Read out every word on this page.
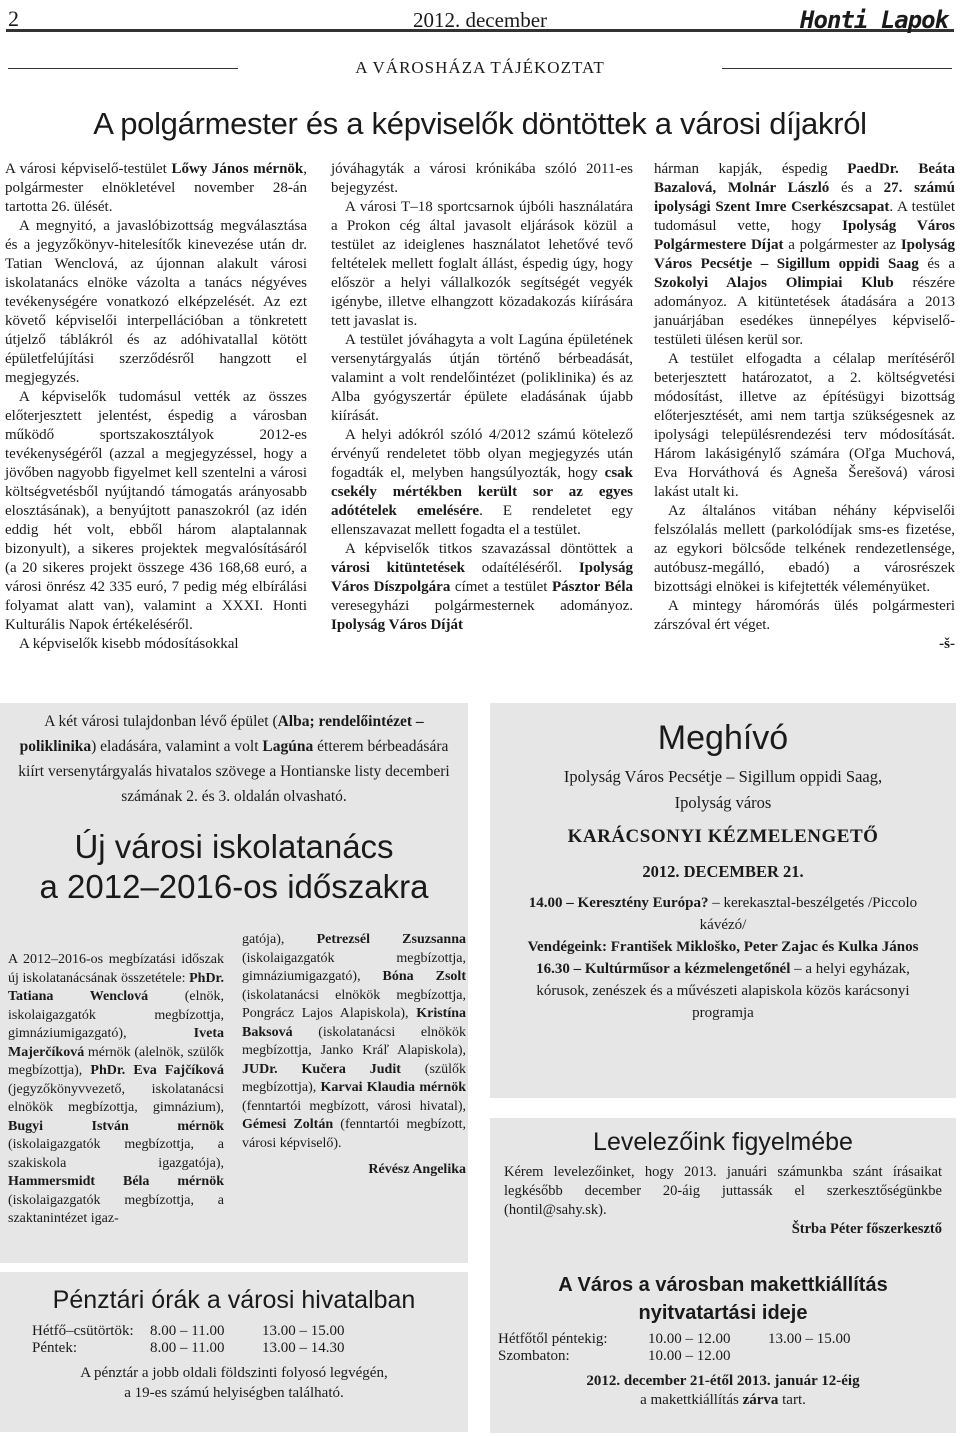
2	2012. december	Honti Lapok
A VÁROSHÁZA TÁJÉKOZTAT
A polgármester és a képviselők döntöttek a városi díjakról

A városi képviselő-testület Lőwy János mérnök, polgármester elnökletével november 28-án tartotta 26. ülését.

A megnyitó, a javaslóbizottság megválasztása és a jegyzőkönyv-hitelesítők kinevezése után dr. Tatian Wenclová, az újonnan alakult városi iskolatanács elnöke vázolta a tanács négyéves tevékenységére vonatkozó elképzelését. Az ezt követő képviselői interpellációban a tönkretett útjelző táblákról és az adóhivatallal kötött épületfelújítási szerződésről hangzott el megjegyzés.

A képviselők tudomásul vették az összes előterjesztett jelentést, éspedig a városban működő sportszakosztályok 2012-es tevékenységéről (azzal a megjegyzéssel, hogy a jövőben nagyobb figyelmet kell szentelni a városi költségvetésből nyújtandó támogatás arányosabb elosztásának), a benyújtott panaszokról (az idén eddig hét volt, ebből három alaptalannak bizonyult), a sikeres projektek megvalósításáról (a 20 sikeres projekt összege 436 168,68 euró, a városi önrész 42 335 euró, 7 pedig még elbírálási folyamat alatt van), valamint a XXXI. Honti Kulturális Napok értékeléséről.

A képviselők kisebb módosításokkal

jóváhagyták a városi krónikába szóló 2011-es bejegyzést.

A városi T–18 sportcsarnok újbóli használatára a Prokon cég által javasolt eljárások közül a testület az ideiglenes használatot lehetővé tevő feltételek mellett foglalt állást, éspedig úgy, hogy először a helyi vállalkozók segítségét vegyék igénybe, illetve elhangzott közadakozás kiírására tett javaslat is.

A testület jóváhagyta a volt Lagúna épületének versenytárgyalás útján történő bérbeadását, valamint a volt rendelőintézet (poliklinika) és az Alba gyógyszertár épülete eladásának újabb kiírását.

A helyi adókról szóló 4/2012 számú kötelező érvényű rendeletet több olyan megjegyzés után fogadták el, melyben hangsúlyozták, hogy csak csekély mértékben került sor az egyes adótételek emelésére. E rendeletet egy ellenszavazat mellett fogadta el a testület.

A képviselők titkos szavazással döntöttek a városi kitüntetések odaítéléséről. Ipolyság Város Díszpolgára címet a testület Pásztor Béla veresegyházi polgármesternek adományoz. Ipolyság Város Díját

hárman kapják, éspedig PaedDr. Beáta Bazalová, Molnár László és a 27. számú ipolysági Szent Imre Cserkészcsapat. A testület tudomásul vette, hogy Ipolyság Város Polgármestere Díjat a polgármester az Ipolyság Város Pecsétje – Sigillum oppidi Saag és a Szokolyi Alajos Olimpiai Klub részére adományoz. A kitüntetések átadására a 2013 januárjában esedékes ünnepélyes képviselő-testületi ülésen kerül sor.

A testület elfogadta a célalap merítéséről beterjesztett határozatot, a 2. költségvetési módosítást, illetve az építésügyi bizottság előterjesztését, ami nem tartja szükségesnek az ipolysági településrendezési terv módosítását. Három lakásigénylő számára (Oľga Muchová, Eva Horváthová és Agneša Šerešová) városi lakást utalt ki.

Az általános vitában néhány képviselői felszólalás mellett (parkolódíjak sms-es fizetése, az egykori bölcsőde telkének rendezetlensége, autóbusz-megálló, ebadó) a városrészek bizottsági elnökei is kifejtették véleményüket.

A mintegy háromórás ülés polgármesteri zárszóval ért véget.

-š-

A két városi tulajdonban lévő épület (Alba; rendelőintézet – poliklinika) eladására, valamint a volt Lagúna étterem bérbeadására kiírt versenytárgyalás hivatalos szövege a Hontianske listy decemberi számának 2. és 3. oldalán olvasható.
Új városi iskolatanács
a 2012–2016-os időszakra
A 2012–2016-os megbízatási időszak új iskolatanácsának összetétele: PhDr. Tatiana Wenclová (elnök, iskolaigazgatók megbízottja, gimnáziumigazgató), Iveta Majerčíková mérnök (alelnök, szülők megbízottja), PhDr. Eva Fajčíková (jegyzőkönyvvezető, iskolatanácsi elnökök megbízottja, gimnázium), Bugyi István mérnök (iskolaigazgatók megbízottja, a szakiskola igazgatója), Hammersmidt Béla mérnök (iskolaigazgatók megbízottja, a szaktanintézet igaz-
gatója), Petrezsél Zsuzsanna (iskolaigazgatók megbízottja, gimnáziumigazgató), Bóna Zsolt (iskolatanácsi elnökök megbízottja, Pongrácz Lajos Alapiskola), Kristína Baksová (iskolatanácsi elnökök megbízottja, Janko Kráľ Alapiskola), JUDr. Kučera Judit (szülők megbízottja), Karvai Klaudia mérnök (fenntartói megbízott, városi hivatal), Gémesi Zoltán (fenntartói megbízott, városi képviselő).
Révész Angelika
Meghívó
Ipolyság Város Pecsétje – Sigillum oppidi Saag,
Ipolyság város
KARÁCSONYI KÉZMELENGETŐ
2012. DECEMBER 21.
14.00 – Keresztény Európa? – kerekasztal-beszélgetés /Piccolo kávézó/
Vendégeink: František Mikloško, Peter Zajac és Kulka János
16.30 – Kultúrműsor a kézmelengetőnél – a helyi egyházak, kórusok, zenészek és a művészeti alapiskola közös karácsonyi programja
Levelezőink figyelmébe

Kérem levelezőinket, hogy 2013. januári számunkba szánt írásaikat legkésőbb december 20-áig juttassák el szerkesztőségünkbe (hontil@sahy.sk).

Štrba Péter főszerkesztő

Pénztári órák a városi hivatalban
Hétfő–csütörtök:	8.00 – 11.00	13.00 – 15.00
Péntek:	8.00 – 11.00	13.00 – 14.30
A pénztár a jobb oldali földszinti folyosó legvégén,
a 19-es számú helyiségben található.
A Város a városban makettkiállítás
nyitvatartási ideje
Hétfőtől péntekig:	10.00 – 12.00	13.00 – 15.00
Szombaton:	10.00 – 12.00	
2012. december 21-étől 2013. január 12-éig
a makettkiállítás zárva tart.
